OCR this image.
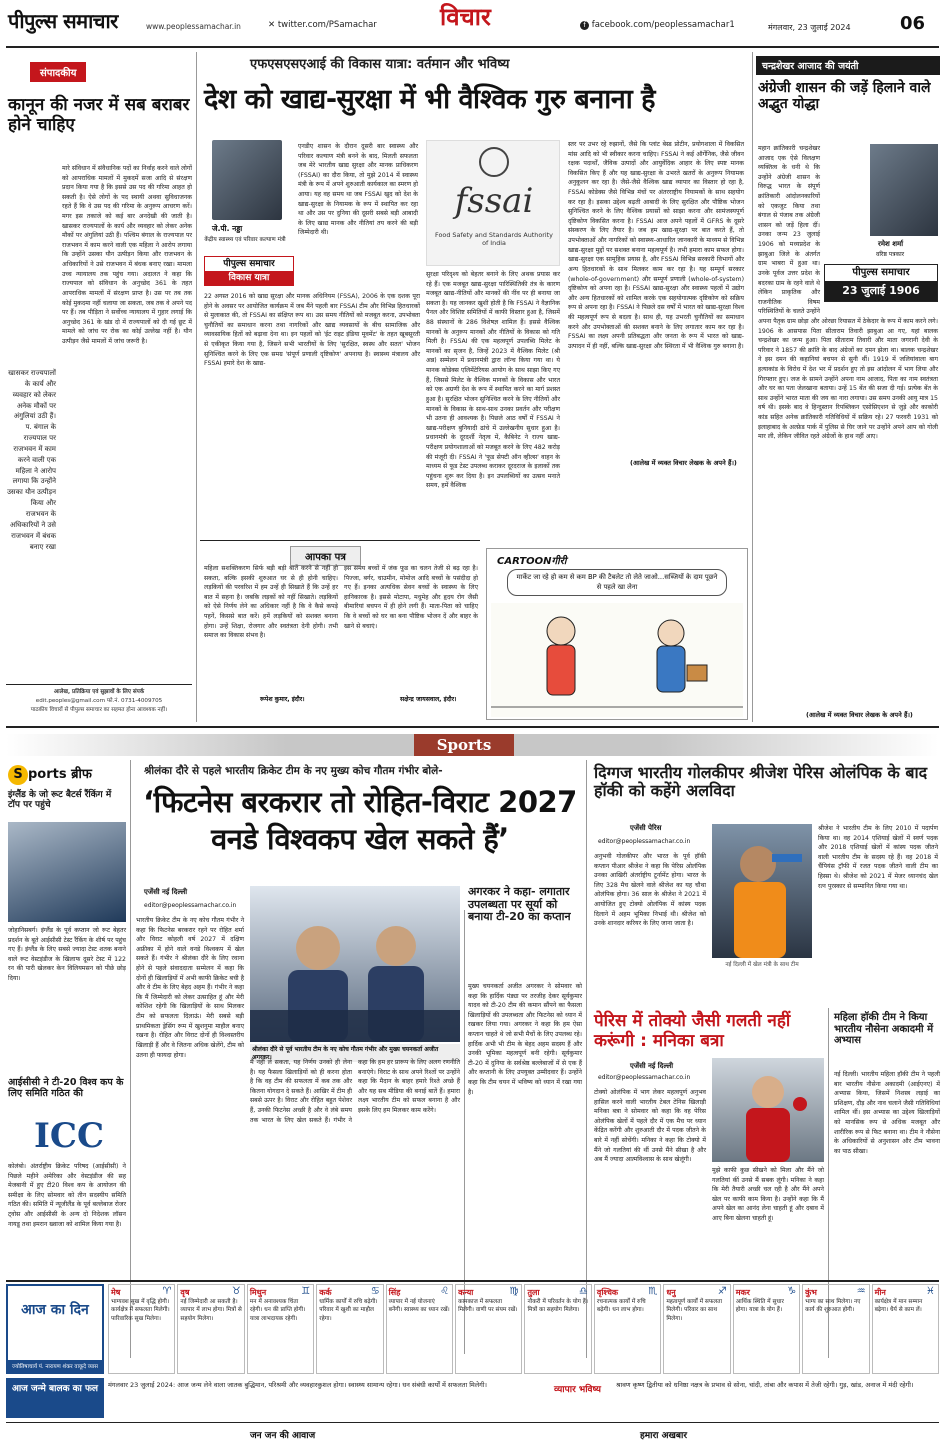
पीपुल्स समाचार	www.peoplessamachar.in	✕ twitter.com/PSamachar	विचार	f facebook.com/peoplessamachar1	मंगलवार, 23 जुलाई 2024	06
संपादकीय
कानून की नजर में सब बराबर होने चाहिए
खासकर राज्यपालों के कार्य और व्यवहार को लेकर अनेक मौकों पर अंगुलियां उठी हैं। प. बंगाल के राज्यपाल पर राजभवन में काम करने वाली एक महिला ने आरोप लगाया कि उन्होंने उसका यौन उत्पीड़न किया और राजभवन के अधिकारियों ने उसे राजभवन में बंधक बनाए रखा
मारे संविधान में संवैधानिक पदों का निर्वाह करने वाले लोगों को आपराधिक मामलों में मुकदमें सजा आदि से संरक्षण प्रदान किया गया है कि इससे उस पद की गरिमा आहत हो सकती है। ऐसे लोगों के पद स्थायी अथवा सुविधाजनक रहते हैं कि वे उस पद की गरिमा के अनुरूप आचरण करें। मगर इस तकाजे को कई बार अनदेखी की जाती है। खासकर राज्यपालों के कार्य और व्यवहार को लेकर अनेक मौकों पर अंगुलियां उठी हैं। पश्चिम बंगाल के राज्यपाल पर राजभवन में काम करने वाली एक महिला ने आरोप लगाया कि उन्होंने उसका यौन उत्पीड़न किया और राजभवन के अधिकारियों ने उसे राजभवन में बंधक बनाए रखा। मामला उच्च न्यायालय तक पहुंच गया। अदालत ने कहा कि राज्यपाल को संविधान के अनुच्छेद 361 के तहत आपराधिक मामलों में संरक्षण प्राप्त है। उस पर तब तक कोई मुकदमा नहीं चलाया जा सकता, जब तक वे अपने पद पर हैं। तब पीड़िता ने सर्वोच्च न्यायालय में गुहार लगाई कि अनुच्छेद 361 के खंड दो में राज्यपालों को दी गई छूट में मामले को जांच पर रोक का कोई उल्लेख नहीं है। यौन उत्पीड़न जैसे मामलों में जांच जरूरी है।
आलेख, प्रतिक्रिया एवं सुझावों के लिए संपर्क
edit.peoples@gmail.com फो.नं. 0731-4009705
पाठकीय विचारों से पीपुल्स समाचार का सहमत होना आवश्यक नहीं।
एफएसएसएआई की विकास यात्रा: वर्तमान और भविष्य
देश को खाद्य-सुरक्षा में भी वैश्विक गुरु बनाना है
जे.पी. नड्डा
केंद्रीय स्वास्थ्य एवं परिवार कल्याण मंत्री
पीपुल्स समाचार
विकास यात्रा
एनडीए शासन के दौरान दूसरी बार स्वास्थ्य और परिवार कल्याण मंत्री बनने के बाद, मिलती सफलता जब मेरे भारतीय खाद्य सुरक्षा और मानक प्राधिकरण (FSSAI) का दौरा किया, तो मुझे 2014 में स्वास्थ्य मंत्री के रूप में अपने शुरुआती कार्यकाल का स्मरण हो आया। यह वह समय था जब FSSAI खुद को देश के खाद्य-सुरक्षा के नियामक के रूप में स्थापित कर रहा था और उस पर दुनिया की दूसरी सबसे बड़ी आबादी के लिए खाद्य मानक और नीतियां तय करने की बड़ी जिम्मेदारी थी।
22 अगस्त 2016 को खाद्य सुरक्षा और मानक अधिनियम (FSSA), 2006 के एक दशक पूरा होने के अवसर पर आयोजित कार्यक्रम में जब मैंने पहली बार FSSAI टीम और विभिन्न हितधारकों से मुलाकात की, तो FSSAI का संक्षिप्त रूप था। उस समय नीतियों को मजबूत करना, उपभोक्ता चुनौतियों का समाधान करना तथा नागरिकों और खाद्य व्यवसायों के बीच सामाजिक और व्यावसायिक हितों को बढ़ावा देना था। इन पहलों को 'ईट राइट इंडिया मूवमेंट' के तहत खूबसूरती से एकीकृत किया गया है, जिसने सभी भारतीयों के लिए 'सुरक्षित, स्वस्थ और सतत' भोजन सुनिश्चित करने के लिए एक समग्र 'संपूर्ण प्रणाली दृष्टिकोण' अपनाया है। स्वास्थ्य मंत्रालय और FSSAI हमारे देश के खाद्य-
fssai
Food Safety and Standards Authority of India
सुरक्षा परिदृश्य को बेहतर बनाने के लिए अथक प्रयास कर रहे हैं। एक मजबूत खाद्य-सुरक्षा पारिस्थितिकी तंत्र के कारण मजबूत खाद्य-नीतियों और मानकों की नींव पर ही बनाया जा सकता है। यह जानकर खुशी होती है कि FSSAI ने वैज्ञानिक पैनल और विशिष्ट समितियों में काफी विस्तार हुआ है, जिसमें 88 संस्थानों के 286 विशेषज्ञ शामिल हैं। इससे वैश्विक मानकों के अनुरूप मानकों और नीतियों के विकास को गति मिली है। FSSAI की एक महत्वपूर्ण उपलब्धि मिलेट के मानकों का सृजन है, जिन्हें 2023 में वैश्विक मिलेट (श्री अन्न) सम्मेलन में प्रधानमंत्री द्वारा लॉन्च किया गया था। ये मानक कोडेक्स एलिमेंटेरियस आयोग के साथ साझा किए गए हैं, जिससे मिलेट के वैश्विक मानकों के विकास और भारत को एक अग्रणी देश के रूप में स्थापित करने का मार्ग प्रशस्त हुआ है। सुरक्षित भोजन सुनिश्चित करने के लिए नीतियों और मानकों के विकास के साथ-साथ उनका प्रवर्तन और परीक्षण भी उतना ही आवश्यक है। पिछले आठ वर्षों में FSSAI ने खाद्य-परीक्षण बुनियादी ढांचे में उल्लेखनीय सुधार हुआ है। प्रधानमंत्री के दूरदर्शी नेतृत्व में, कैबिनेट ने राज्य खाद्य-परीक्षण प्रयोगशालाओं को मजबूत करने के लिए 482 करोड़ की मंजूरी दी। FSSAI ने 'फूड सेफ्टी ऑन व्हील्स' वाहन के माध्यम से फूड टेस्ट उपलब्ध कराकर दूरदराज के इलाकों तक पहुंचना शुरू कर दिया है। इन उपलब्धियों का उत्सव मनाते समय, हमें वैश्विक
स्तर पर उभर रहे रुझानों, जैसे कि प्लांट बेस्ड प्रोटीन, प्रयोगशाला में विकसित मांस आदि को भी स्वीकार करना चाहिए। FSSAI ने कई ऑर्गेनिक, जैसे जीवन रक्षक पदार्थों, जैविक उत्पादों और आयुर्वेदिक आहार के लिए स्पष्ट मानक विकसित किए हैं और यह खाद्य-सुरक्षा के उभरते खतरों के अनुरूप नियामक अनुकूलन कर रहा है। जैसे-जैसे वैश्विक खाद्य व्यापार का विस्तार हो रहा है, FSSAI कोडेक्स जैसे विभिन्न मंचों पर अंतरराष्ट्रीय नियामकों के साथ सहयोग कर रहा है। इसका उद्देश्य बढ़ती आबादी के लिए सुरक्षित और पौष्टिक भोजन सुनिश्चित करने के लिए वैश्विक प्रयासों को साझा करना और सामंजस्यपूर्ण दृष्टिकोण विकसित करना है। FSSAI आज अपने पहलों में GFRS के दूसरे संस्करण के लिए तैयार है। जब हम खाद्य-सुरक्षा पर बात करते हैं, तो उपभोक्ताओं और नागरिकों को स्वास्थ्य-आधारित जानकारी के माध्यम से विभिन्न खाद्य-सुरक्षा मुद्दों पर सशक्त बनाना महत्वपूर्ण है। तभी हमारा काम सफल होगा। खाद्य-सुरक्षा एक सामूहिक प्रयास है, और FSSAI विभिन्न सरकारी विभागों और अन्य हितधारकों के साथ मिलकर काम कर रहा है। यह सम्पूर्ण सरकार (whole-of-government) और सम्पूर्ण प्रणाली (whole-of-system) दृष्टिकोण को अपना रहा है। FSSAI खाद्य-सुरक्षा और स्वास्थ्य पहलों में उद्योग और अन्य हितधारकों को शामिल करके एक सहयोगात्मक दृष्टिकोण को सक्रिय रूप से अपना रहा है। FSSAI ने पिछले दस वर्षों में भारत को खाद्य-सुरक्षा विश्व की महत्वपूर्ण रूप से बदला है। साथ ही, यह उभरती चुनौतियों का समाधान करने और उपभोक्ताओं की सशक्त बनाने के लिए लगातार काम कर रहा है। FSSAI का लक्ष्य अपनी प्रतिबद्धता और जनता के रूप में भारत को खाद्य-उत्पादन में ही नहीं, बल्कि खाद्य-सुरक्षा और स्थिरता में भी वैश्विक गुरु बनाना है।
(आलेख में व्यक्त विचार लेखक के अपने हैं।)
आपका पत्र
महिला सशक्तिकरण सिर्फ बड़ी बड़ी बातें करने से नहीं हो सकता, बल्कि इसकी शुरुआत घर से ही होनी चाहिए। लड़कियों की परवरिश में हम उन्हें ही सिखाते हैं कि उन्हें हर बात में सहना है। जबकि लड़कों को नहीं सिखाते। लड़कियों को ऐसे निर्णय लेने का अधिकार नहीं है कि वे कैसे कपड़े पहनें, किससे बात करें। हमें लड़कियों को सशक्त बनाना होगा। उन्हें शिक्षा, रोजगार और स्वतंत्रता देनी होगी। तभी समाज का विकास संभव है।
रूपेश कुमार, इंदौर।
इस समय बच्चों में जंक फूड का चलन तेजी से बढ़ रहा है। पिज्जा, बर्गर, चाउमीन, मोमोज आदि बच्चों के पसंदीदा हो गए हैं। इनका अत्यधिक सेवन बच्चों के स्वास्थ्य के लिए हानिकारक है। इससे मोटापा, मधुमेह और हृदय रोग जैसी बीमारियां बचपन में ही होने लगी हैं। माता-पिता को चाहिए कि वे बच्चों को घर का बना पौष्टिक भोजन दें और बाहर के खाने से बचाएं।
सक्षेन्द्र जायसवाल, इंदौर।
CARTOONगीरी
मार्केट जा रहे हो कम से कम BP की टैबलेट तो लेते जाओ...सब्जियों के दाम पूछने से पहले खा लेना
चन्द्रशेखर आजाद की जयंती
अंग्रेजी शासन की जड़ें हिलाने वाले अद्भुत योद्धा
रमेश शर्मा
वरिष्ठ पत्रकार
पीपुल्स समाचार
23 जुलाई 1906
महान क्रांतिकारी चन्द्रशेखर आजाद एक ऐसे विलक्षण व्यक्तित्व के धनी थे कि उन्होंने अंग्रेजी शासन के विरुद्ध भारत के संपूर्ण क्रांतिकारी आंदोलनकारियों को एकजुट किया तथा बंगाल से पंजाब तक अंग्रेजी शासन को जड़ें हिला दीं। उनका जन्म 23 जुलाई 1906 को मध्यप्रदेश के झाबुआ जिले के अंतर्गत ग्राम भाबरा में हुआ था। उनके पूर्वज उत्तर प्रदेश के बदरका ग्राम के रहने वाले थे लेकिन प्राकृतिक और राजनीतिक विषम परिस्थितियों के चलते उन्होंने अपना पैतृक ग्राम छोड़ा और ओरछा रियासत में ठेकेदार के रूप में काम करने लगे। 1906 के आसपास पिता सीताराम तिवारी झाबुआ आ गए, यहां बालक चन्द्रशेखर का जन्म हुआ। पिता सीताराम तिवारी और माता जगरानी देवी के परिवार ने 1857 की क्रांति के बाद अंग्रेजों का दमन झेला था। बालक चन्द्रशेखर ने इस दमन की कहानियां बचपन से सुनी थीं। 1919 में जलियांवाला बाग हत्याकांड के विरोध में देश भर में प्रदर्शन हुए तो इस आंदोलन में भाग लिया और गिरफ्तार हुए। जज के सामने उन्होंने अपना नाम आजाद, पिता का नाम स्वतंत्रता और घर का पता जेलखाना बताया। उन्हें 15 बेंत की सजा दी गई। प्रत्येक बेंत के साथ उन्होंने भारत माता की जय का नारा लगाया। उस समय उनकी आयु मात्र 15 वर्ष थी। इसके बाद वे हिन्दुस्तान रिपब्लिकन एसोसिएशन से जुड़े और काकोरी कांड सहित अनेक क्रांतिकारी गतिविधियों में सक्रिय रहे। 27 फरवरी 1931 को इलाहाबाद के अल्फ्रेड पार्क में पुलिस से घिर जाने पर उन्होंने अपने आप को गोली मार ली, लेकिन जीवित रहते अंग्रेजों के हाथ नहीं आए।
(आलेख में व्यक्त विचार लेखक के अपने हैं।)
Sports
S ports ब्रीफ
इंग्लैंड के जो रूट बैटर्स रैंकिंग में टॉप पर पहुंचे
जोहानिसबर्ग। इंग्लैंड के पूर्व कप्तान जो रूट बेहतर प्रदर्शन के बूते आईसीसी टेस्ट रैंकिंग के शीर्ष पर पहुंच गए हैं। इंग्लैंड के लिए सबसे ज्यादा टेस्ट शतक बनाने वाले रूट वेस्टइंडीज के खिलाफ दूसरे टेस्ट में 122 रन की पारी खेलकर केन विलियमसन को पीछे छोड़ दिया।
आईसीसी ने टी-20 विश्व कप के लिए समिति गठित की
ICC
कोलंबो। अंतर्राष्ट्रीय क्रिकेट परिषद (आईसीसी) ने पिछले महीने अमेरिका और वेस्टइंडीज की सह मेजबानी में हुए टी20 विश्व कप के आयोजन की समीक्षा के लिए सोमवार को तीन सदस्यीय समिति गठित की। समिति में न्यूजीलैंड के पूर्व बल्लेबाज रोजर ट्वोस और आईसीसी के अन्य दो निदेशक लॉसन नायडू तथा इमरान ख्वाजा को शामिल किया गया है।
श्रीलंका दौरे से पहले भारतीय क्रिकेट टीम के नए मुख्य कोच गौतम गंभीर बोले-
‘फिटनेस बरकरार तो रोहित-विराट 2027 वनडे विश्वकप खेल सकते हैं’
एजेंसी नई दिल्ली
editor@peoplessamachar.co.in
भारतीय क्रिकेट टीम के नए कोच गौतम गंभीर ने कहा कि फिटनेस बरकरार रहने पर रोहित शर्मा और विराट कोहली वर्ष 2027 में दक्षिण अफ्रीका में होने वाले वनडे विश्वकप में खेल सकते हैं। गंभीर ने श्रीलंका दौरे के लिए रवाना होने से पहले संवाददाता सम्मेलन में कहा कि दोनों ही खिलाड़ियों में अभी काफी क्रिकेट बची है और वे टीम के लिए बेहद अहम हैं। गंभीर ने कहा कि मैं जिम्मेदारी को लेकर उत्साहित हूं और मेरी कोशिश रहेगी कि खिलाड़ियों के साथ मिलकर टीम को सफलता दिलाऊं। मेरी सबसे बड़ी प्राथमिकता ड्रेसिंग रूम में खुशनुमा माहौल बनाए रखना है। रोहित और विराट दोनों ही विश्वस्तरीय खिलाड़ी हैं और वे जितना अधिक खेलेंगे, टीम को उतना ही फायदा होगा।
श्रीलंका दौरे से पूर्व भारतीय टीम के नए कोच गौतम गंभीर और मुख्य चयनकर्ता अजीत अगरकर।
मैं नहीं ले सकता, यह निर्णय उनको ही लेना है। यह फैसला खिलाड़ियों को ही करना होता है कि वह टीम की सफलता में कब तक और कितना योगदान दे सकते हैं। आखिर में टीम ही सबसे ऊपर है। विराट और रोहित बहुत पेशेवर हैं, उनकी फिटनेस अच्छी है और वे लंबे समय तक भारत के लिए खेल सकते हैं। गंभीर ने कहा कि हम हर प्रारूप के लिए अलग रणनीति बनाएंगे। विराट के साथ अपने रिश्तों पर उन्होंने कहा कि मैदान के बाहर हमारे रिश्ते अच्छे हैं और यह सब मीडिया की बनाई बातें हैं। हमारा लक्ष्य भारतीय टीम को सफल बनाना है और इसके लिए हम मिलकर काम करेंगे।
अगरकर ने कहा- लगातार उपलब्धता पर सूर्या को बनाया टी-20 का कप्तान
मुख्य चयनकर्ता अजीत अगरकर ने सोमवार को कहा कि हार्दिक पंड्या पर तरजीह देकर सूर्यकुमार यादव को टी-20 टीम की कमान सौंपने का फैसला खिलाड़ियों की उपलब्धता और फिटनेस को ध्यान में रखकर लिया गया। अगरकर ने कहा कि हम ऐसा कप्तान चाहते थे जो सभी मैचों के लिए उपलब्ध रहे। हार्दिक अभी भी टीम के बेहद अहम सदस्य हैं और उनकी भूमिका महत्वपूर्ण बनी रहेगी। सूर्यकुमार टी-20 में दुनिया के सर्वश्रेष्ठ बल्लेबाजों में से एक हैं और कप्तानी के लिए उपयुक्त उम्मीदवार हैं। उन्होंने कहा कि टीम चयन में भविष्य को ध्यान में रखा गया है।
दिग्गज भारतीय गोलकीपर श्रीजेश पेरिस ओलंपिक के बाद हॉकी को कहेंगे अलविदा
एजेंसी पेरिस
editor@peoplessamachar.co.in
अनुभवी गोलकीपर और भारत के पूर्व हॉकी कप्तान पीआर श्रीजेश ने कहा कि पेरिस ओलंपिक उनका आखिरी अंतर्राष्ट्रीय टूर्नामेंट होगा। भारत के लिए 328 मैच खेलने वाले श्रीजेश का यह चौथा ओलंपिक होगा। 36 साल के श्रीजेश ने 2021 में आयोजित हुए टोक्यो ओलंपिक में कांस्य पदक दिलाने में अहम भूमिका निभाई थी। श्रीजेश को उनके शानदार करियर के लिए जाना जाता है।
नई दिल्ली में खेल मंत्री के साथ टीम
श्रीजेश ने भारतीय टीम के लिए 2010 में पदार्पण किया था। वह 2014 एशियाई खेलों में स्वर्ण पदक और 2018 एशियाई खेलों में कांस्य पदक जीतने वाली भारतीय टीम के सदस्य रहे हैं। वह 2018 में चैंपियंस ट्रॉफी में रजत पदक जीतने वाली टीम का हिस्सा थे। श्रीजेश को 2021 में मेजर ध्यानचंद खेल रत्न पुरस्कार से सम्मानित किया गया था।
पेरिस में तोक्यो जैसी गलती नहीं करूंगी : मनिका बत्रा
एजेंसी नई दिल्ली
editor@peoplessamachar.co.in
टोक्यो ओलंपिक में भाग लेकर महत्वपूर्ण अनुभव हासिल करने वाली भारतीय टेबल टेनिस खिलाड़ी मनिका बत्रा ने सोमवार को कहा कि वह पेरिस ओलंपिक खेलों में पहले दौर में एक मैच पर ध्यान केंद्रित करेंगी और शुरुआती दौर में पदक जीतने के बारे में नहीं सोचेंगी। मनिका ने कहा कि टोक्यो में मैंने जो गलतियां की थीं उनसे मैंने सीखा है और अब मैं ज्यादा आत्मविश्वास के साथ खेलूंगी।
मुझे काफी कुछ सीखने को मिला और मैंने जो गलतियां कीं उनसे मैं सबक लूंगी। मनिका ने कहा कि मेरी तैयारी अच्छी चल रही है और मैंने अपने खेल पर काफी काम किया है। उन्होंने कहा कि मैं अपने खेल का आनंद लेना चाहती हूं और दबाव में आए बिना खेलना चाहती हूं।
महिला हॉकी टीम ने किया भारतीय नौसेना अकादमी में अभ्यास
नई दिल्ली। भारतीय महिला हॉकी टीम ने पहली बार भारतीय नौसेना अकादमी (आईएनए) में अभ्यास किया, जिसमें निशस्त्र लड़ाई का प्रशिक्षण, दौड़ और नाव चलाने जैसी गतिविधियां शामिल थीं। इस अभ्यास का उद्देश्य खिलाड़ियों को मानसिक रूप से अधिक मजबूत और शारीरिक रूप से फिट बनाना था। टीम ने नौसेना के अधिकारियों से अनुशासन और टीम भावना का पाठ सीखा।
आज का दिन
ज्योतिषाचार्य पं. नारायण शंकर वाकूदे व्यास
मेष	♈
भाग्यवश सुख में वृद्धि होगी। कार्यक्षेत्र में सफलता मिलेगी। पारिवारिक सुख मिलेगा।
वृष	♉
नई जिम्मेदारी आ सकती है। व्यापार में लाभ होगा। मित्रों से सहयोग मिलेगा।
मिथुन	♊
मन में अनावश्यक चिंता रहेगी। धन की प्राप्ति होगी। यात्रा लाभदायक रहेगी।
कर्क	♋
धार्मिक कार्यों में रुचि बढ़ेगी। परिवार में खुशी का माहौल रहेगा।
सिंह	♌
व्यापार में नई योजनाएं बनेंगी। स्वास्थ्य का ध्यान रखें।
कन्या	♍
कामकाज में सफलता मिलेगी। वाणी पर संयम रखें।
तुला	♎
नौकरी में परिवर्तन के योग हैं। मित्रों का सहयोग मिलेगा।
वृश्चिक	♏
रचनात्मक कार्यों में रुचि बढ़ेगी। धन लाभ होगा।
धनु	♐
महत्वपूर्ण कार्यों में सफलता मिलेगी। परिवार का साथ मिलेगा।
मकर	♑
आर्थिक स्थिति में सुधार होगा। यात्रा के योग हैं।
कुंभ	♒
भाग्य का साथ मिलेगा। नए कार्य की शुरुआत होगी।
मीन	♓
कार्यक्षेत्र में मान सम्मान बढ़ेगा। धैर्य से काम लें।
आज जन्मे बालक का फल	मंगलवार 23 जुलाई 2024: आज जन्म लेने वाला जातक बुद्धिमान, परिश्रमी और व्यवहारकुशल होगा। स्वास्थ्य सामान्य रहेगा। धन संबंधी कार्यों में सफलता मिलेगी।	व्यापार भविष्य श्रावण कृष्ण द्वितीया को धनिष्ठा नक्षत्र के प्रभाव से सोना, चांदी, तांबा और कपास में तेजी रहेगी। गुड़, खांड, अनाज में मंदी रहेगी।
जन जन की आवाज	हमारा अखबार
